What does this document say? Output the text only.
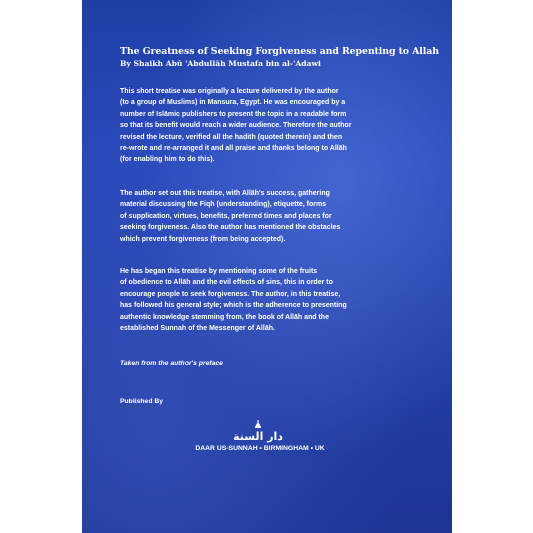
The Greatness of Seeking Forgiveness and Repenting to Allah

By Shaikh Abū 'Abdullāh Mustafa bin al-'Adawi

This short treatise was originally a lecture delivered by the author

(to a group of Muslims) in Mansura, Egypt. He was encouraged by a

number of Islāmic publishers to present the topic in a readable form

so that its benefit would reach a wider audience. Therefore the author

revised the lecture, verified all the hadith (quoted therein) and then

re-wrote and re-arranged it and all praise and thanks belong to Allāh

(for enabling him to do this).

The author set out this treatise, with Allāh's success, gathering

material discussing the Fiqh (understanding), etiquette, forms

of supplication, virtues, benefits, preferred times and places for

seeking forgiveness. Also the author has mentioned the obstacles

which prevent forgiveness (from being accepted).

He has began this treatise by mentioning some of the fruits

of obedience to Allāh and the evil effects of sins, this in order to

encourage people to seek forgiveness. The author, in this treatise,

has followed his general style; which is the adherence to presenting

authentic knowledge stemming from, the book of Allāh and the

established Sunnah of the Messenger of Allāh.

Taken from the author's preface
Published By
دار السنة
DAAR US-SUNNAH • BIRMINGHAM • UK
